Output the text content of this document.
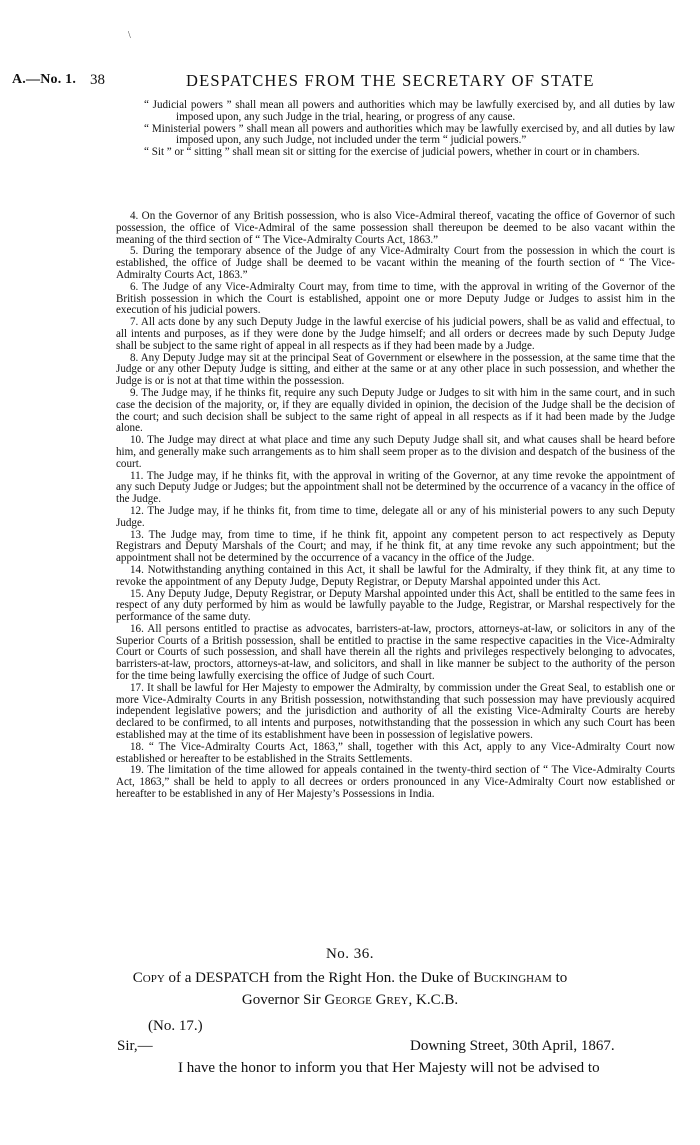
\
A.—No. 1. 38	DESPATCHES FROM THE SECRETARY OF STATE

“ Judicial powers ” shall mean all powers and authorities which may be lawfully exercised by, and all duties by law imposed upon, any such Judge in the trial, hearing, or progress of any cause.

“ Ministerial powers ” shall mean all powers and authorities which may be lawfully exercised by, and all duties by law imposed upon, any such Judge, not included under the term “ judicial powers.”

“ Sit ” or “ sitting ” shall mean sit or sitting for the exercise of judicial powers, whether in court or in chambers.

4. On the Governor of any British possession, who is also Vice-Admiral thereof, vacating the office of Governor of such possession, the office of Vice-Admiral of the same possession shall thereupon be deemed to be also vacant within the meaning of the third section of “ The Vice-Admiralty Courts Act, 1863.”

5. During the temporary absence of the Judge of any Vice-Admiralty Court from the possession in which the court is established, the office of Judge shall be deemed to be vacant within the meaning of the fourth section of “ The Vice-Admiralty Courts Act, 1863.”

6. The Judge of any Vice-Admiralty Court may, from time to time, with the approval in writing of the Governor of the British possession in which the Court is established, appoint one or more Deputy Judge or Judges to assist him in the execution of his judicial powers.

7. All acts done by any such Deputy Judge in the lawful exercise of his judicial powers, shall be as valid and effectual, to all intents and purposes, as if they were done by the Judge himself; and all orders or decrees made by such Deputy Judge shall be subject to the same right of appeal in all respects as if they had been made by a Judge.

8. Any Deputy Judge may sit at the principal Seat of Government or elsewhere in the possession, at the same time that the Judge or any other Deputy Judge is sitting, and either at the same or at any other place in such possession, and whether the Judge is or is not at that time within the possession.

9. The Judge may, if he thinks fit, require any such Deputy Judge or Judges to sit with him in the same court, and in such case the decision of the majority, or, if they are equally divided in opinion, the decision of the Judge shall be the decision of the court; and such decision shall be subject to the same right of appeal in all respects as if it had been made by the Judge alone.

10. The Judge may direct at what place and time any such Deputy Judge shall sit, and what causes shall be heard before him, and generally make such arrangements as to him shall seem proper as to the division and despatch of the business of the court.

11. The Judge may, if he thinks fit, with the approval in writing of the Governor, at any time revoke the appointment of any such Deputy Judge or Judges; but the appointment shall not be determined by the occurrence of a vacancy in the office of the Judge.

12. The Judge may, if he thinks fit, from time to time, delegate all or any of his ministerial powers to any such Deputy Judge.

13. The Judge may, from time to time, if he think fit, appoint any competent person to act respectively as Deputy Registrars and Deputy Marshals of the Court; and may, if he think fit, at any time revoke any such appointment; but the appointment shall not be determined by the occurrence of a vacancy in the office of the Judge.

14. Notwithstanding anything contained in this Act, it shall be lawful for the Admiralty, if they think fit, at any time to revoke the appointment of any Deputy Judge, Deputy Registrar, or Deputy Marshal appointed under this Act.

15. Any Deputy Judge, Deputy Registrar, or Deputy Marshal appointed under this Act, shall be entitled to the same fees in respect of any duty performed by him as would be lawfully payable to the Judge, Registrar, or Marshal respectively for the performance of the same duty.

16. All persons entitled to practise as advocates, barristers-at-law, proctors, attorneys-at-law, or solicitors in any of the Superior Courts of a British possession, shall be entitled to practise in the same respective capacities in the Vice-Admiralty Court or Courts of such possession, and shall have therein all the rights and privileges respectively belonging to advocates, barristers-at-law, proctors, attorneys-at-law, and solicitors, and shall in like manner be subject to the authority of the person for the time being lawfully exercising the office of Judge of such Court.

17. It shall be lawful for Her Majesty to empower the Admiralty, by commission under the Great Seal, to establish one or more Vice-Admiralty Courts in any British possession, notwithstanding that such possession may have previously acquired independent legislative powers; and the jurisdiction and authority of all the existing Vice-Admiralty Courts are hereby declared to be confirmed, to all intents and purposes, notwithstanding that the possession in which any such Court has been established may at the time of its establishment have been in possession of legislative powers.

18. “ The Vice-Admiralty Courts Act, 1863,” shall, together with this Act, apply to any Vice-Admiralty Court now established or hereafter to be established in the Straits Settlements.

19. The limitation of the time allowed for appeals contained in the twenty-third section of “ The Vice-Admiralty Courts Act, 1863,” shall be held to apply to all decrees or orders pronounced in any Vice-Admiralty Court now established or hereafter to be established in any of Her Majesty’s Possessions in India.

No. 36.
Copy of a DESPATCH from the Right Hon. the Duke of Buckingham to
Governor Sir George Grey, K.C.B.
(No. 17.)
Sir,—	Downing Street, 30th April, 1867.
I have the honor to inform you that Her Majesty will not be advised to
